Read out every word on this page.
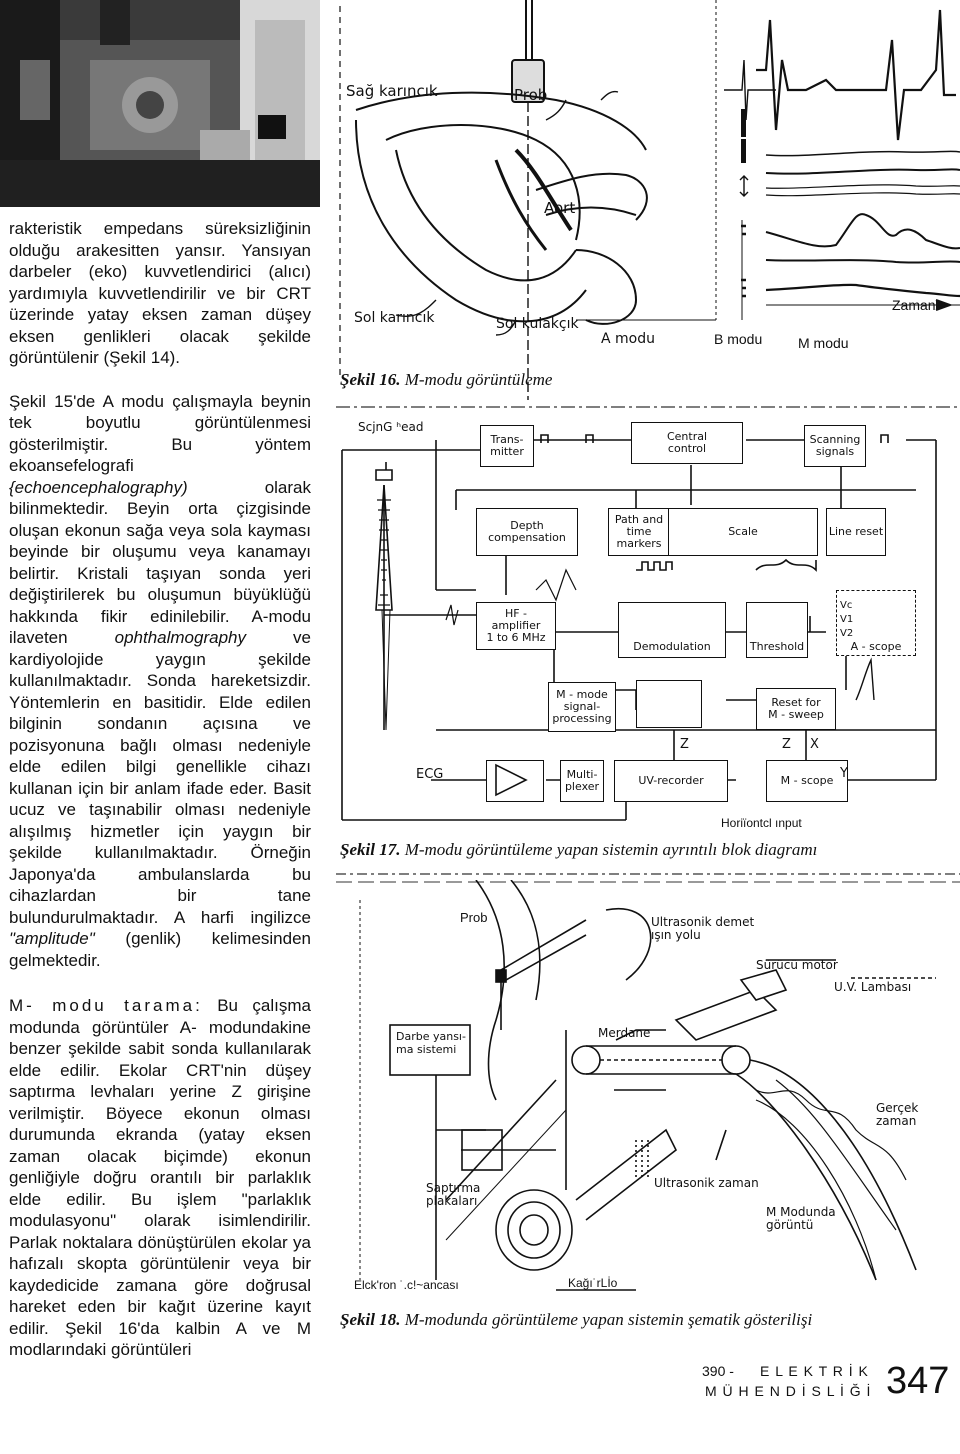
rakteristik empedans süreksizliğinin olduğu arakesitten yansır. Yansıyan darbeler (eko) kuvvetlendirici (alıcı) yardımıyla kuvvetlendirilir ve bir CRT üzerinde yatay eksen zaman düşey eksen genlikleri olacak şekilde görüntülenir (Şekil 14).

Şekil 15'de A modu çalışmayla beynin tek boyutlu görüntülenmesi gösterilmiştir. Bu yöntem ekoansefelografi {echoencephalography) olarak bilinmektedir. Beyin orta çizgisinde oluşan ekonun sağa veya sola kayması beyinde bir oluşumu veya kanamayı belirtir. Kristali taşıyan sonda yeri değiştirilerek bu oluşumun büyüklüğü hakkında fikir edinilebilir. A-modu ilaveten ophthalmography ve kardiyolojide yaygın şekilde kullanılmaktadır. Sonda hareketsizdir. Yöntemlerin en basitidir. Elde edilen bilginin sondanın açısına ve pozisyonuna bağlı olması nedeniyle elde edilen bilgi genellikle cihazı kullanan için bir anlam ifade eder. Basit ucuz ve taşınabilir olması nedeniyle alışılmış hizmetler için yaygın bir şekilde kullanılmaktadır. Örneğin Japonya'da ambulanslarda bu cihazlardan bir tane bulundurulmaktadır. A harfi ingilizce "amplitude" (genlik) kelimesinden gelmektedir.

M- modu tarama: Bu çalışma modunda görüntüler A- modundakine benzer şekilde sabit sonda kullanılarak elde edilir. Ekolar CRT'nin düşey saptırma levhaları yerine Z girişine verilmiştir. Böyece ekonun olması durumunda ekranda (yatay eksen zaman olacak biçimde) ekonun genliğiyle doğru orantılı bir parlaklık elde edilir. Bu işlem "parlaklık modulasyonu" olarak isimlendirilir. Parlak noktalara dönüştürülen ekolar ya hafızalı skopta görüntülenir veya bir kaydedicide zamana göre doğrusal hareket eden bir kağıt üzerine kayıt edilir. Şekil 16'da kalbin A ve M modlarındaki görüntüleri

Sağ karıncık	Prob
Aort
Sol karıncık	Sol kulakçık
A modu	B modu	M modu
Zaman
Şekil 16. M-modu görüntüleme
ScjnG ʰead
Trans-
mitter
Central
control
Scanning
signals
Depth
compensation
Path and
time
markers
Scale	Line reset
HF -
amplifier
1 to 6 MHz
Demodulation	Threshold	A - scope
M - mode
signal-
processing
Reset for
M - sweep
ECG	Multi-
plexer	UV-recorder	M - scope
Z	Z X
Y
Vc
V1
V2
Horiїontcl ınput
Şekil 17. M-modu görüntüleme yapan sistemin ayrıntılı blok diagramı
Prob	Ultrasonik demet
ışın yolu
Sürücü motor
U.V. Lambası
Merdane
Darbe yansı-
ma sistemi
Gerçek
zaman
Saptırma
plakaları
Ultrasonik zaman
M Modunda
görüntü
Elck'ron ˙.c!~ancası	Kağı˙rLİo
Şekil 18. M-modunda görüntüleme yapan sistemin şematik gösterilişi
390 - E L E K T R İ K
M Ü H E N D İ S L İ Ğ İ 347
